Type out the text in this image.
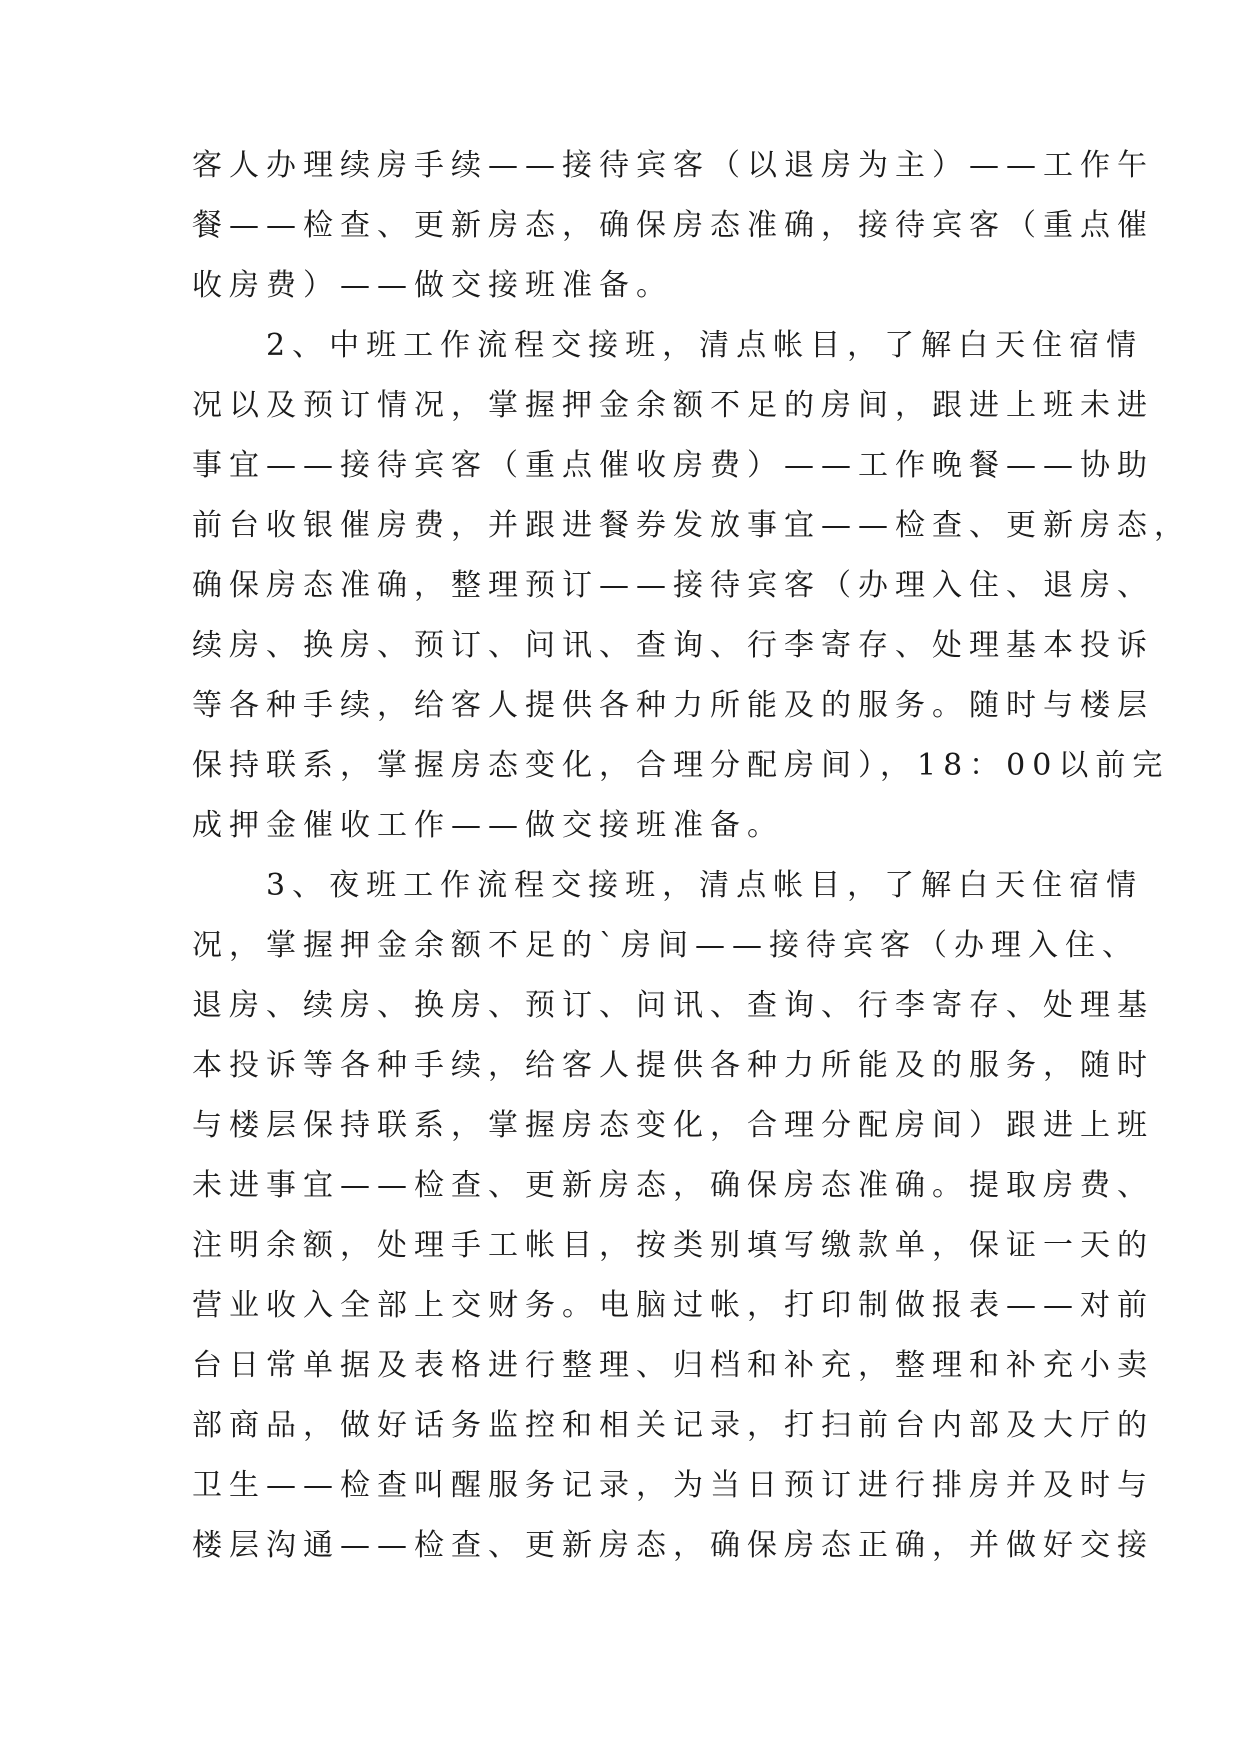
客人办理续房手续——接待宾客（以退房为主）——工作午
餐——检查、更新房态，确保房态准确，接待宾客（重点催
收房费）——做交接班准备。
　　2、中班工作流程交接班，清点帐目，了解白天住宿情
况以及预订情况，掌握押金余额不足的房间，跟进上班未进
事宜——接待宾客（重点催收房费）——工作晚餐——协助
前台收银催房费，并跟进餐券发放事宜——检查、更新房态，
确保房态准确，整理预订——接待宾客（办理入住、退房、
续房、换房、预订、问讯、查询、行李寄存、处理基本投诉
等各种手续，给客人提供各种力所能及的服务。随时与楼层
保持联系，掌握房态变化，合理分配房间），18：00以前完
成押金催收工作——做交接班准备。
　　3、夜班工作流程交接班，清点帐目，了解白天住宿情
况，掌握押金余额不足的`房间——接待宾客（办理入住、
退房、续房、换房、预订、问讯、查询、行李寄存、处理基
本投诉等各种手续，给客人提供各种力所能及的服务，随时
与楼层保持联系，掌握房态变化，合理分配房间）跟进上班
未进事宜——检查、更新房态，确保房态准确。提取房费、
注明余额，处理手工帐目，按类别填写缴款单，保证一天的
营业收入全部上交财务。电脑过帐，打印制做报表——对前
台日常单据及表格进行整理、归档和补充，整理和补充小卖
部商品，做好话务监控和相关记录，打扫前台内部及大厅的
卫生——检查叫醒服务记录，为当日预订进行排房并及时与
楼层沟通——检查、更新房态，确保房态正确，并做好交接
